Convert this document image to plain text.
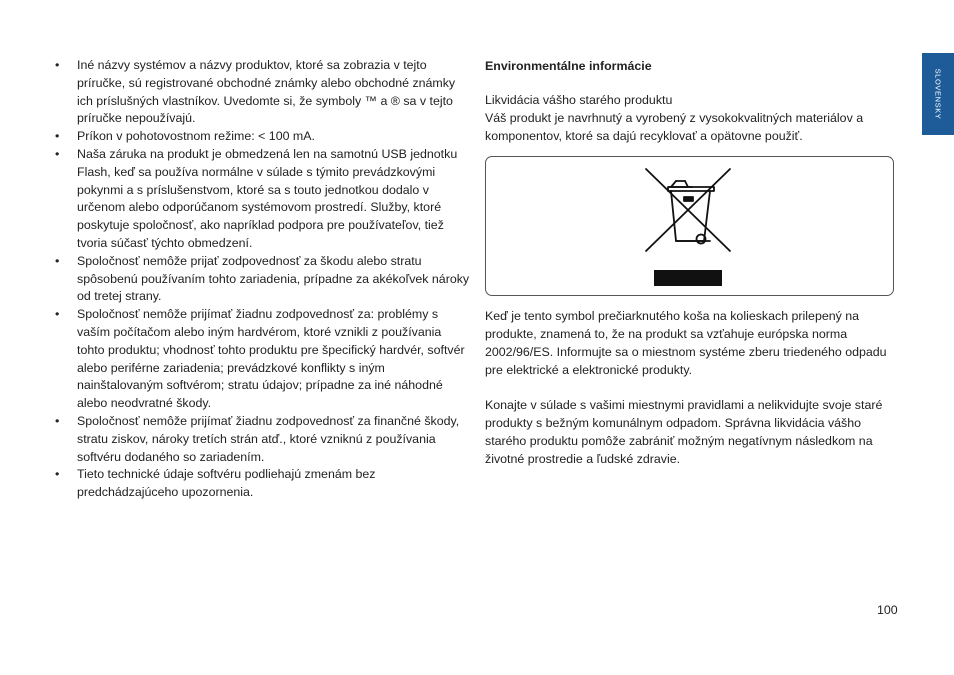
• Iné názvy systémov a názvy produktov, ktoré sa zobrazia v tejto príručke, sú registrované obchodné známky alebo obchodné známky ich príslušných vlastníkov. Uvedomte si, že symboly ™ a ® sa v tejto príručke nepoužívajú.
• Príkon v pohotovostnom režime: < 100 mA.
• Naša záruka na produkt je obmedzená len na samotnú USB jednotku Flash, keď sa používa normálne v súlade s týmito prevádzkovými pokynmi a s príslušenstvom, ktoré sa s touto jednotkou dodalo v určenom alebo odporúčanom systémovom prostredí. Služby, ktoré poskytuje spoločnosť, ako napríklad podpora pre používateľov, tiež tvoria súčasť týchto obmedzení.
• Spoločnosť nemôže prijať zodpovednosť za škodu alebo stratu spôsobenú používaním tohto zariadenia, prípadne za akékoľvek nároky od tretej strany.
• Spoločnosť nemôže prijímať žiadnu zodpovednosť za: problémy s vaším počítačom alebo iným hardvérom, ktoré vznikli z používania tohto produktu; vhodnosť tohto produktu pre špecifický hardvér, softvér alebo periférne zariadenia; prevádzkové konflikty s iným nainštalovaným softvérom; stratu údajov; prípadne za iné náhodné alebo neodvratné škody.
• Spoločnosť nemôže prijímať žiadnu zodpovednosť za finančné škody, stratu ziskov, nároky tretích strán atď., ktoré vzniknú z používania softvéru dodaného so zariadením.
• Tieto technické údaje softvéru podliehajú zmenám bez predchádzajúceho upozornenia.
Environmentálne informácie

Likvidácia vášho starého produktu

Váš produkt je navrhnutý a vyrobený z vysokokvalitných materiálov a komponentov, ktoré sa dajú recyklovať a opätovne použiť.

Keď je tento symbol prečiarknutého koša na kolieskach prilepený na produkte, znamená to, že na produkt sa vzťahuje európska norma 2002/96/ES. Informujte sa o miestnom systéme zberu triedeného odpadu pre elektrické a elektronické produkty.

Konajte v súlade s vašimi miestnymi pravidlami a nelikvidujte svoje staré produkty s bežným komunálnym odpadom. Správna likvidácia vášho starého produktu pomôže zabrániť možným negatívnym následkom na životné prostredie a ľudské zdravie.

SLOVENSKY
100
